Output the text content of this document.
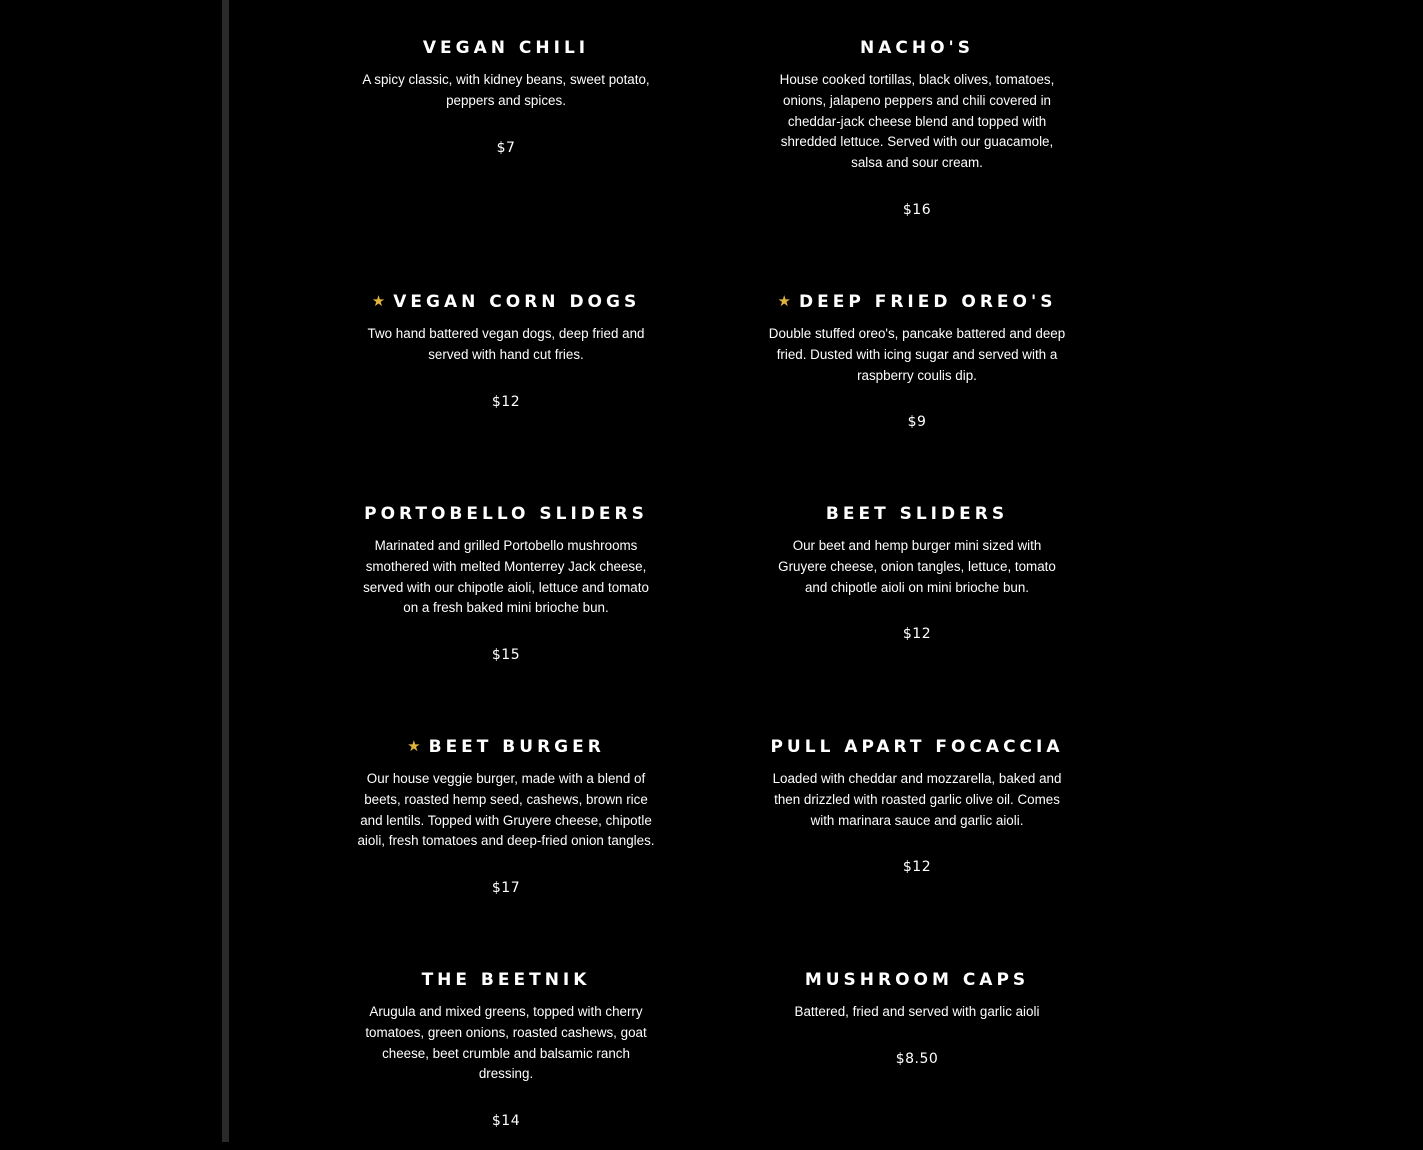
VEGAN CHILI

A spicy classic, with kidney beans, sweet potato, peppers and spices.

$7
NACHO'S

House cooked tortillas, black olives, tomatoes, onions, jalapeno peppers and chili covered in cheddar-jack cheese blend and topped with shredded lettuce. Served with our guacamole, salsa and sour cream.

$16
★ VEGAN CORN DOGS

Two hand battered vegan dogs, deep fried and served with hand cut fries.

$12
★ DEEP FRIED OREO'S

Double stuffed oreo's, pancake battered and deep fried. Dusted with icing sugar and served with a raspberry coulis dip.

$9
PORTOBELLO SLIDERS

Marinated and grilled Portobello mushrooms smothered with melted Monterrey Jack cheese, served with our chipotle aioli, lettuce and tomato on a fresh baked mini brioche bun.

$15
BEET SLIDERS

Our beet and hemp burger mini sized with Gruyere cheese, onion tangles, lettuce, tomato and chipotle aioli on mini brioche bun.

$12
★ BEET BURGER

Our house veggie burger, made with a blend of beets, roasted hemp seed, cashews, brown rice and lentils. Topped with Gruyere cheese, chipotle aioli, fresh tomatoes and deep-fried onion tangles.

$17
PULL APART FOCACCIA

Loaded with cheddar and mozzarella, baked and then drizzled with roasted garlic olive oil. Comes with marinara sauce and garlic aioli.

$12
THE BEETNIK

Arugula and mixed greens, topped with cherry tomatoes, green onions, roasted cashews, goat cheese, beet crumble and balsamic ranch dressing.

$14
MUSHROOM CAPS

Battered, fried and served with garlic aioli

$8.50
